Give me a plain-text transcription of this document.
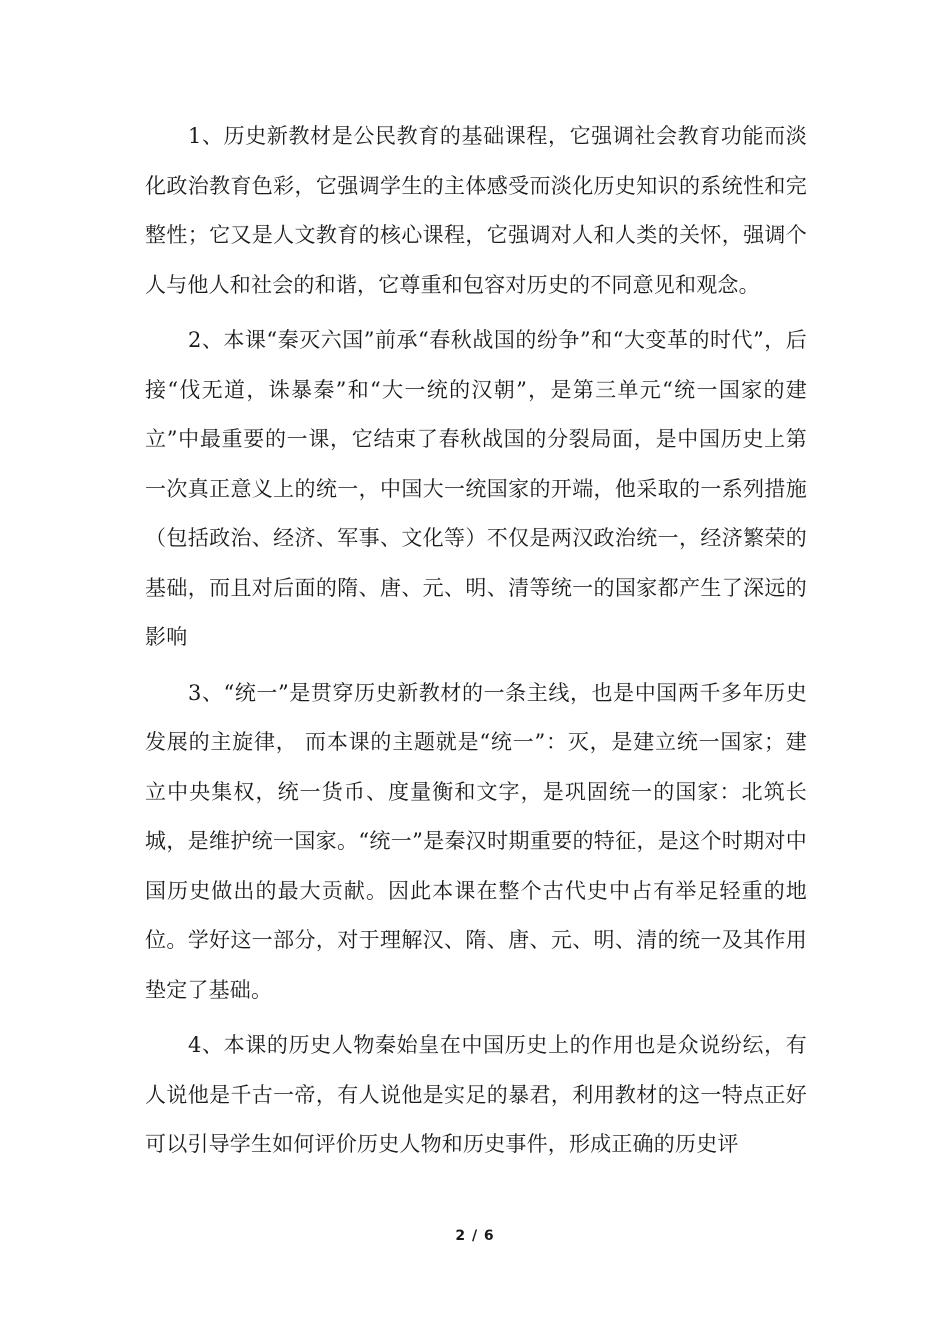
1、历史新教材是公民教育的基础课程，它强调社会教育功能而淡化政治教育色彩，它强调学生的主体感受而淡化历史知识的系统性和完整性；它又是人文教育的核心课程，它强调对人和人类的关怀，强调个人与他人和社会的和谐，它尊重和包容对历史的不同意见和观念。

2、本课“秦灭六国”前承“春秋战国的纷争”和“大变革的时代”，后接“伐无道，诛暴秦”和“大一统的汉朝”，是第三单元“统一国家的建立”中最重要的一课，它结束了春秋战国的分裂局面，是中国历史上第一次真正意义上的统一，中国大一统国家的开端，他采取的一系列措施（包括政治、经济、军事、文化等）不仅是两汉政治统一，经济繁荣的基础，而且对后面的隋、唐、元、明、清等统一的国家都产生了深远的影响

3、“统一”是贯穿历史新教材的一条主线，也是中国两千多年历史发展的主旋律， 而本课的主题就是“统一”：灭，是建立统一国家；建立中央集权，统一货币、度量衡和文字，是巩固统一的国家：北筑长城，是维护统一国家。“统一”是秦汉时期重要的特征，是这个时期对中国历史做出的最大贡献。因此本课在整个古代史中占有举足轻重的地位。学好这一部分，对于理解汉、隋、唐、元、明、清的统一及其作用垫定了基础。

4、本课的历史人物秦始皇在中国历史上的作用也是众说纷纭，有人说他是千古一帝，有人说他是实足的暴君，利用教材的这一特点正好可以引导学生如何评价历史人物和历史事件，形成正确的历史评

2 / 6
